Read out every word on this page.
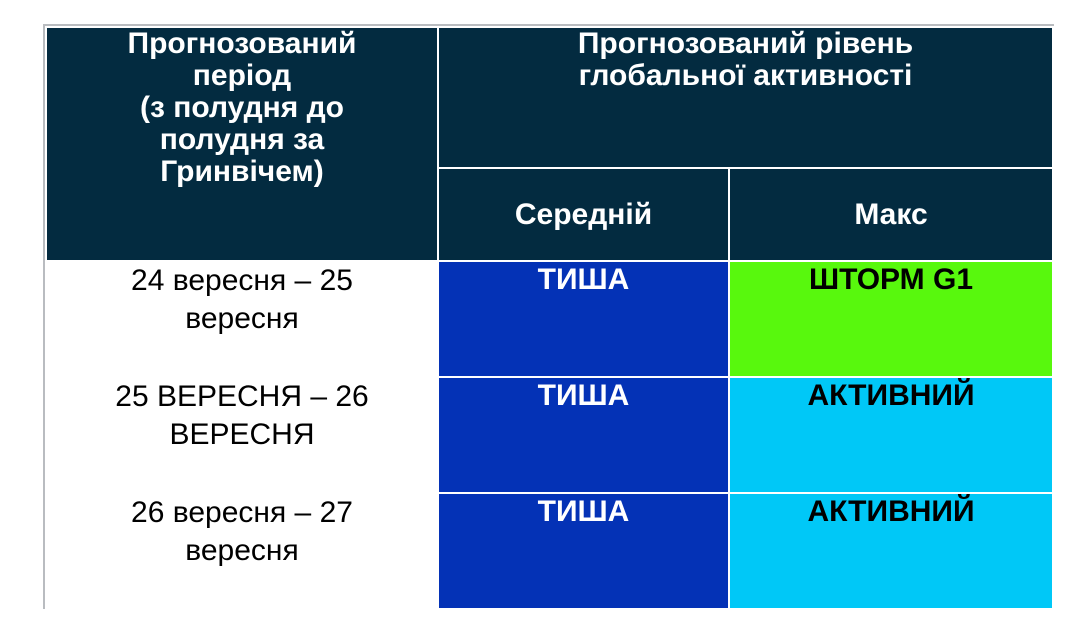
Прогнозований
період
(з полудня до
полудня за
Гринвічем)	Прогнозований рівень
глобальної активності	

	Середній	Макс

24 вересня – 25
вересня	ТИША	ШТОРМ G1

25 ВЕРЕСНЯ – 26
ВЕРЕСНЯ	ТИША	АКТИВНИЙ

26 вересня – 27
вересня	ТИША	АКТИВНИЙ
